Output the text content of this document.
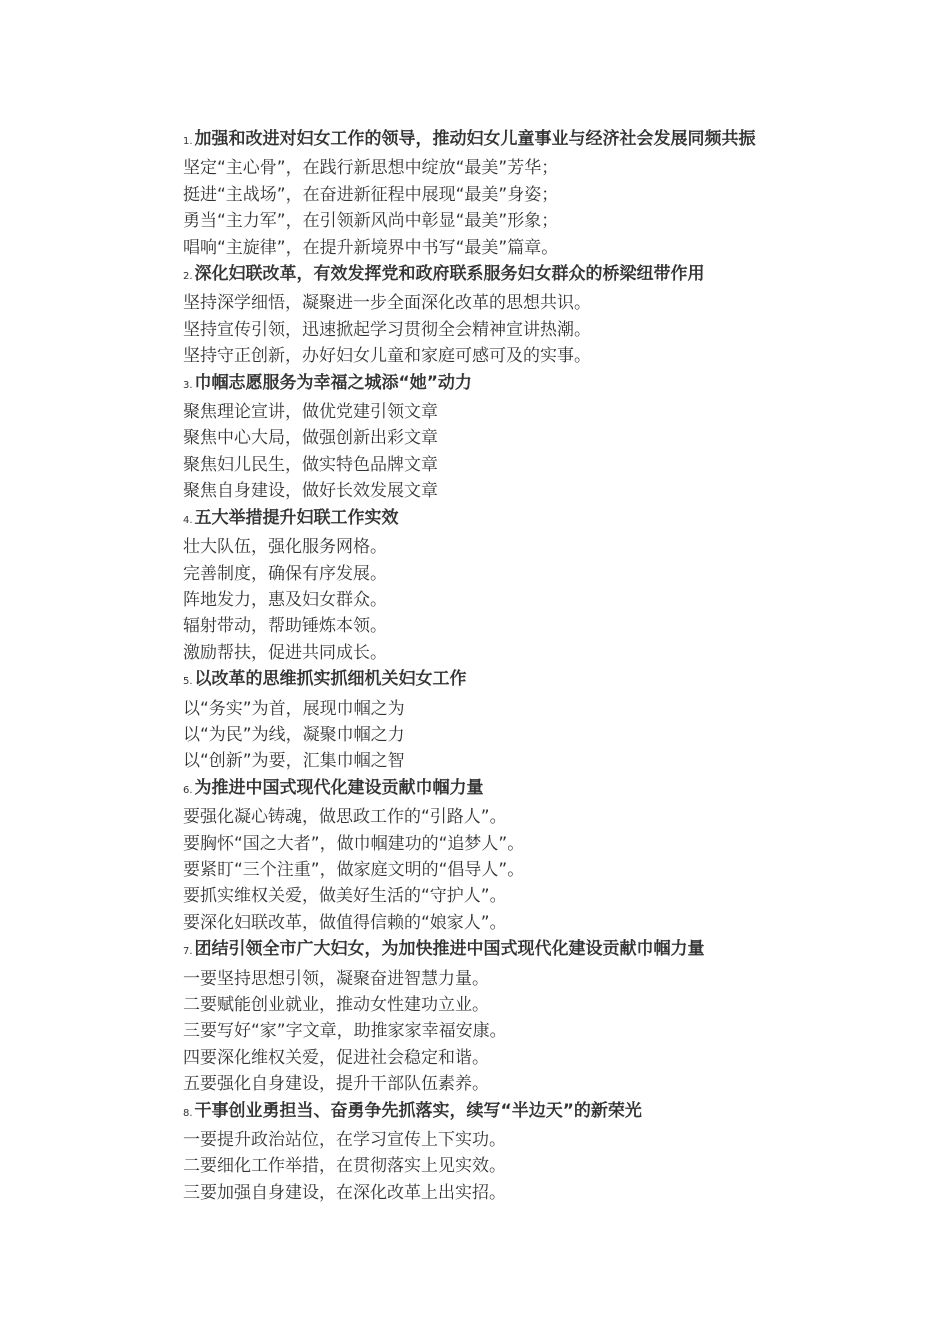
1. 加强和改进对妇女工作的领导，推动妇女儿童事业与经济社会发展同频共振

坚定“主心骨”，在践行新思想中绽放“最美”芳华；

挺进“主战场”，在奋进新征程中展现“最美”身姿；

勇当“主力军”，在引领新风尚中彰显“最美”形象；

唱响“主旋律”，在提升新境界中书写“最美”篇章。

2. 深化妇联改革，有效发挥党和政府联系服务妇女群众的桥梁纽带作用

坚持深学细悟，凝聚进一步全面深化改革的思想共识。

坚持宣传引领，迅速掀起学习贯彻全会精神宣讲热潮。

坚持守正创新，办好妇女儿童和家庭可感可及的实事。

3. 巾帼志愿服务为幸福之城添“她”动力

聚焦理论宣讲，做优党建引领文章

聚焦中心大局，做强创新出彩文章

聚焦妇儿民生，做实特色品牌文章

聚焦自身建设，做好长效发展文章

4. 五大举措提升妇联工作实效

壮大队伍，强化服务网格。

完善制度，确保有序发展。

阵地发力，惠及妇女群众。

辐射带动，帮助锤炼本领。

激励帮扶，促进共同成长。

5. 以改革的思维抓实抓细机关妇女工作

以“务实”为首，展现巾帼之为

以“为民”为线，凝聚巾帼之力

以“创新”为要，汇集巾帼之智

6. 为推进中国式现代化建设贡献巾帼力量

要强化凝心铸魂，做思政工作的“引路人”。

要胸怀“国之大者”，做巾帼建功的“追梦人”。

要紧盯“三个注重”，做家庭文明的“倡导人”。

要抓实维权关爱，做美好生活的“守护人”。

要深化妇联改革，做值得信赖的“娘家人”。

7. 团结引领全市广大妇女，为加快推进中国式现代化建设贡献巾帼力量

一要坚持思想引领，凝聚奋进智慧力量。

二要赋能创业就业，推动女性建功立业。

三要写好“家”字文章，助推家家幸福安康。

四要深化维权关爱，促进社会稳定和谐。

五要强化自身建设，提升干部队伍素养。

8. 干事创业勇担当、奋勇争先抓落实，续写“半边天”的新荣光

一要提升政治站位，在学习宣传上下实功。

二要细化工作举措，在贯彻落实上见实效。

三要加强自身建设，在深化改革上出实招。
